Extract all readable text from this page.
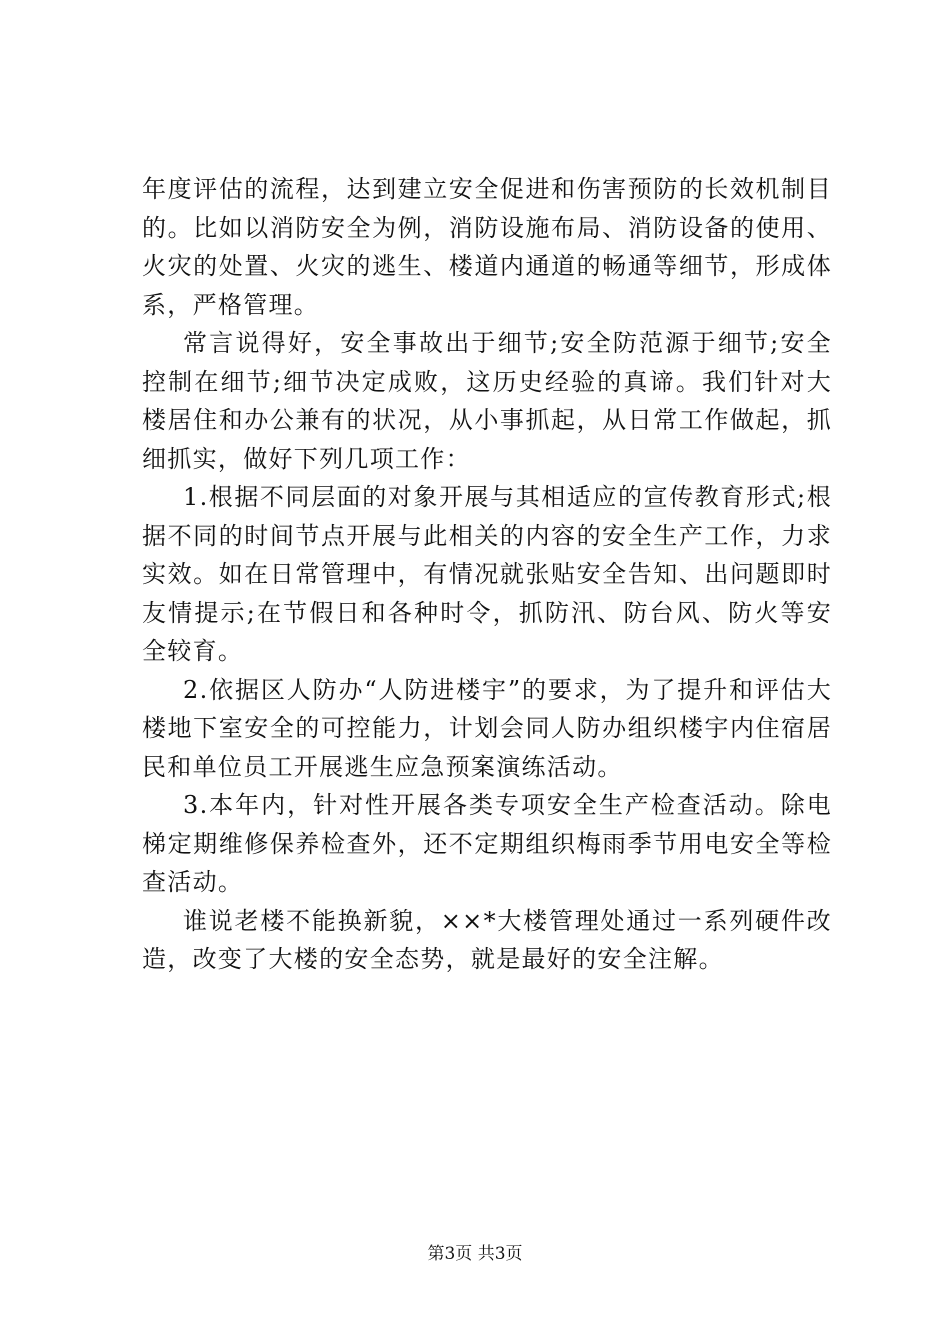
年度评估的流程，达到建立安全促进和伤害预防的长效机制目的。比如以消防安全为例，消防设施布局、消防设备的使用、火灾的处置、火灾的逃生、楼道内通道的畅通等细节，形成体系，严格管理。

常言说得好，安全事故出于细节;安全防范源于细节;安全控制在细节;细节决定成败，这历史经验的真谛。我们针对大楼居住和办公兼有的状况，从小事抓起，从日常工作做起，抓细抓实，做好下列几项工作：

1.根据不同层面的对象开展与其相适应的宣传教育形式;根据不同的时间节点开展与此相关的内容的安全生产工作，力求实效。如在日常管理中，有情况就张贴安全告知、出问题即时友情提示;在节假日和各种时令，抓防汛、防台风、防火等安全较育。

2.依据区人防办“人防进楼宇”的要求，为了提升和评估大楼地下室安全的可控能力，计划会同人防办组织楼宇内住宿居民和单位员工开展逃生应急预案演练活动。

3.本年内，针对性开展各类专项安全生产检查活动。除电梯定期维修保养检查外，还不定期组织梅雨季节用电安全等检查活动。

谁说老楼不能换新貌，××*大楼管理处通过一系列硬件改造，改变了大楼的安全态势，就是最好的安全注解。

第3页 共3页
